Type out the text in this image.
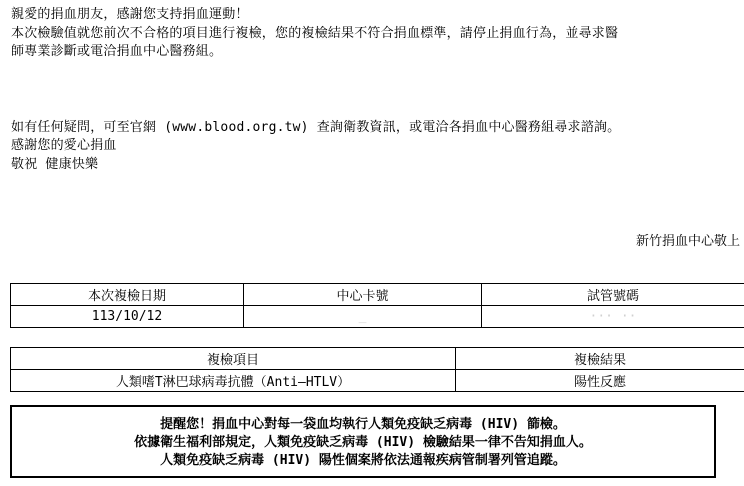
親愛的捐血朋友，感謝您支持捐血運動！
本次檢驗值就您前次不合格的項目進行複檢，您的複檢結果不符合捐血標準，請停止捐血行為，並尋求醫
師專業診斷或電洽捐血中心醫務組。
如有任何疑問，可至官網 (www.blood.org.tw) 查詢衛教資訊，或電洽各捐血中心醫務組尋求諮詢。
感謝您的愛心捐血
敬祝 健康快樂
新竹捐血中心敬上
本次複檢日期	中心卡號	試管號碼
113/10/12	_	··· ··
複檢項目	複檢結果
人類嗜T淋巴球病毒抗體（Anti–HTLV）	陽性反應
提醒您！捐血中心對每一袋血均執行人類免疫缺乏病毒 (HIV) 篩檢。
依據衛生福利部規定，人類免疫缺乏病毒 (HIV) 檢驗結果一律不告知捐血人。
人類免疫缺乏病毒 (HIV) 陽性個案將依法通報疾病管制署列管追蹤。
